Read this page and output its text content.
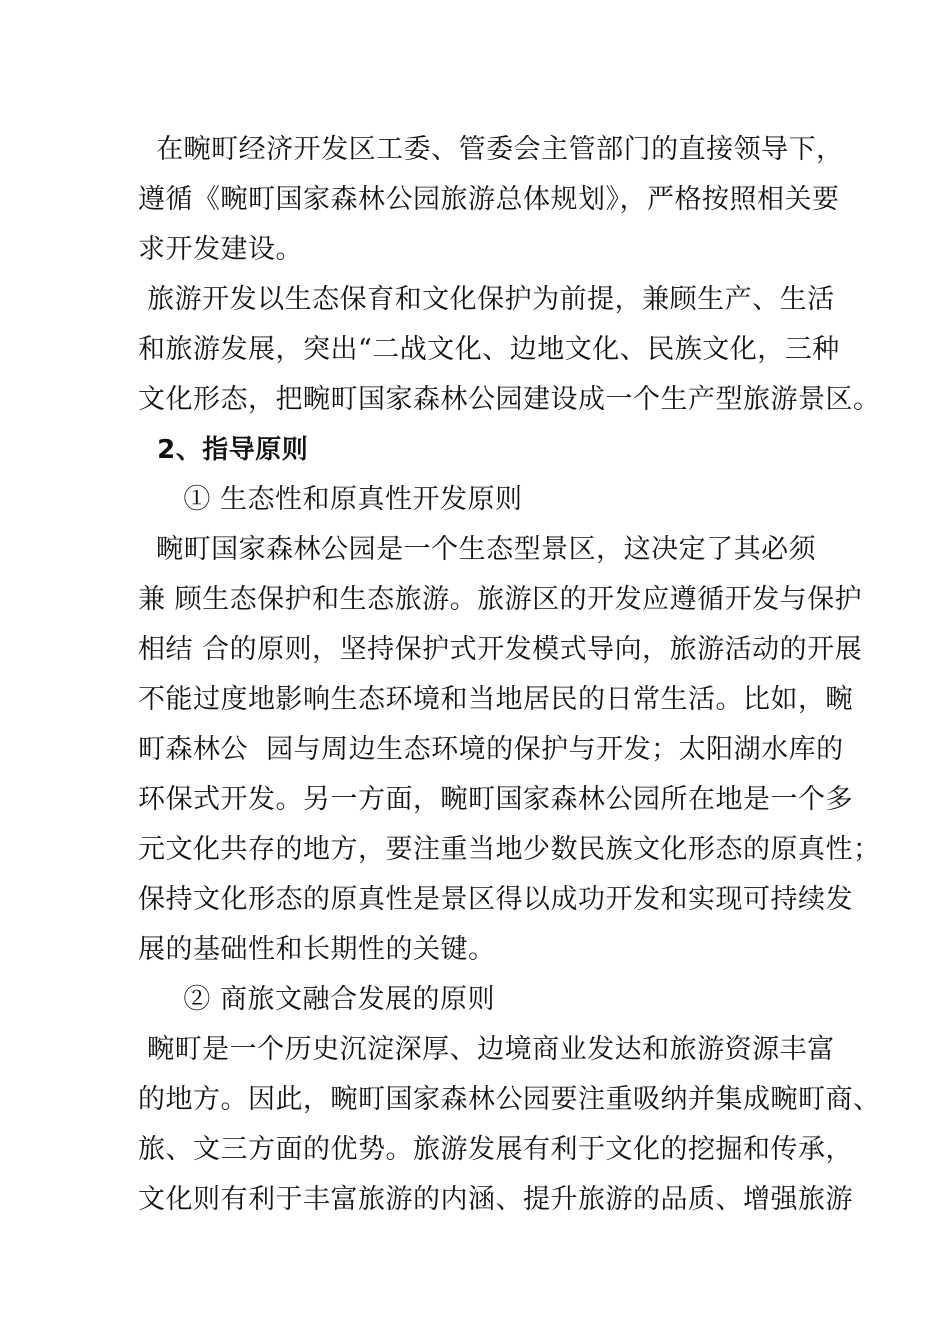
在畹町经济开发区工委、管委会主管部门的直接领导下，
遵循《畹町国家森林公园旅游总体规划》，严格按照相关要
求开发建设。
旅游开发以生态保育和文化保护为前提，兼顾生产、生活
和旅游发展，突出“二战文化、边地文化、民族文化，三种
文化形态，把畹町国家森林公园建设成一个生产型旅游景区。
2、指导原则
① 生态性和原真性开发原则
畹町国家森林公园是一个生态型景区，这决定了其必须
兼 顾生态保护和生态旅游。旅游区的开发应遵循开发与保护
相结 合的原则，坚持保护式开发模式导向，旅游活动的开展
不能过度地影响生态环境和当地居民的日常生活。比如，畹
町森林公  园与周边生态环境的保护与开发；太阳湖水库的
环保式开发。另一方面，畹町国家森林公园所在地是一个多
元文化共存的地方，要注重当地少数民族文化形态的原真性；
保持文化形态的原真性是景区得以成功开发和实现可持续发
展的基础性和长期性的关键。
② 商旅文融合发展的原则
畹町是一个历史沉淀深厚、边境商业发达和旅游资源丰富
的地方。因此，畹町国家森林公园要注重吸纳并集成畹町商、
旅、文三方面的优势。旅游发展有利于文化的挖掘和传承，
文化则有利于丰富旅游的内涵、提升旅游的品质、增强旅游
